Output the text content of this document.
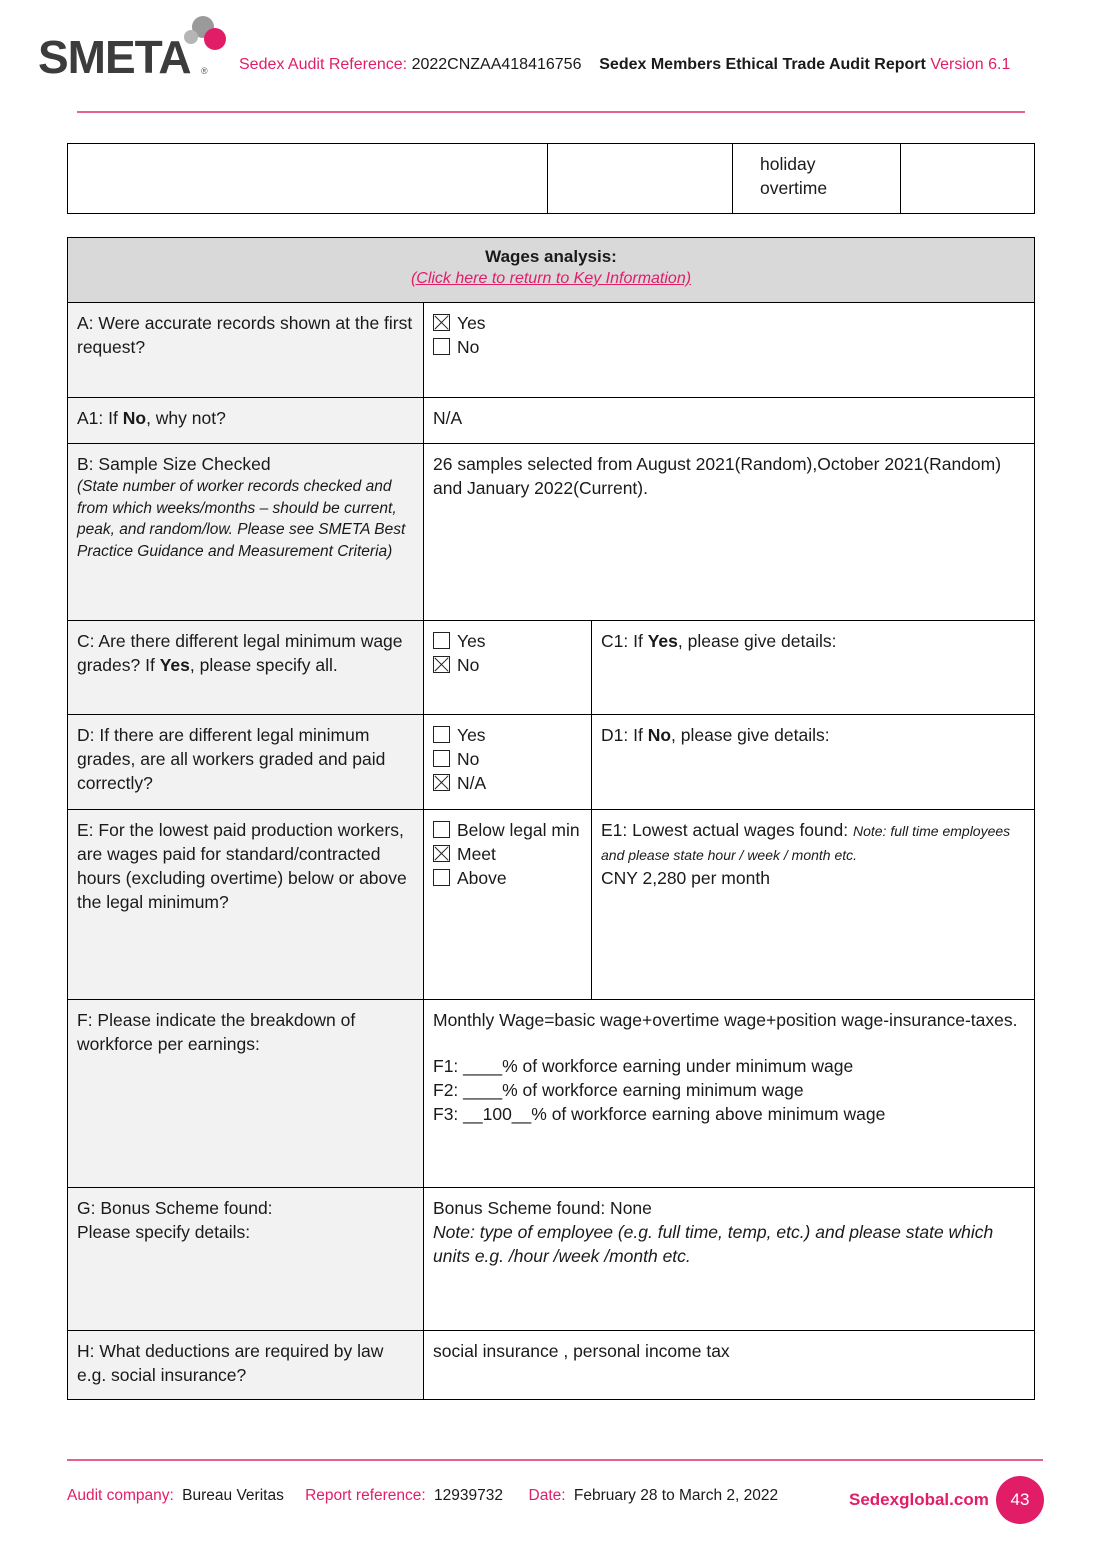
SMETA ® Sedex Audit Reference: 2022CNZAA418416756 Sedex Members Ethical Trade Audit Report Version 6.1

holiday
overtime

Wages analysis:
(Click here to return to Key Information)		

A: Were accurate records shown at the first request?	Yes
No	

A1: If No, why not?	N/A	

B: Sample Size Checked
(State number of worker records checked and from which weeks/months – should be current, peak, and random/low. Please see SMETA Best Practice Guidance and Measurement Criteria)	26 samples selected from August 2021(Random),October 2021(Random) and January 2022(Current).	
C: Are there different legal minimum wage grades? If Yes, please specify all.	Yes
No	C1: If Yes, please give details:
D: If there are different legal minimum grades, are all workers graded and paid correctly?	Yes
No
N/A	D1: If No, please give details:
E: For the lowest paid production workers, are wages paid for standard/contracted hours (excluding overtime) below or above the legal minimum?	Below legal min
Meet
Above	E1: Lowest actual wages found: Note: full time employees and please state hour / week / month etc.
CNY 2,280 per month

F: Please indicate the breakdown of workforce per earnings:	Monthly Wage=basic wage+overtime wage+position wage-insurance-taxes.
F1: ____% of workforce earning under minimum wage
F2: ____% of workforce earning minimum wage
F3: __100__% of workforce earning above minimum wage	

G: Bonus Scheme found:
Please specify details:	Bonus Scheme found: None
Note: type of employee (e.g. full time, temp, etc.) and please state which units e.g. /hour /week /month etc.	

H: What deductions are required by law e.g. social insurance?	social insurance , personal income tax	
Audit company: Bureau Veritas Report reference: 12939732 Date: February 28 to March 2, 2022	Sedexglobal.com	43
